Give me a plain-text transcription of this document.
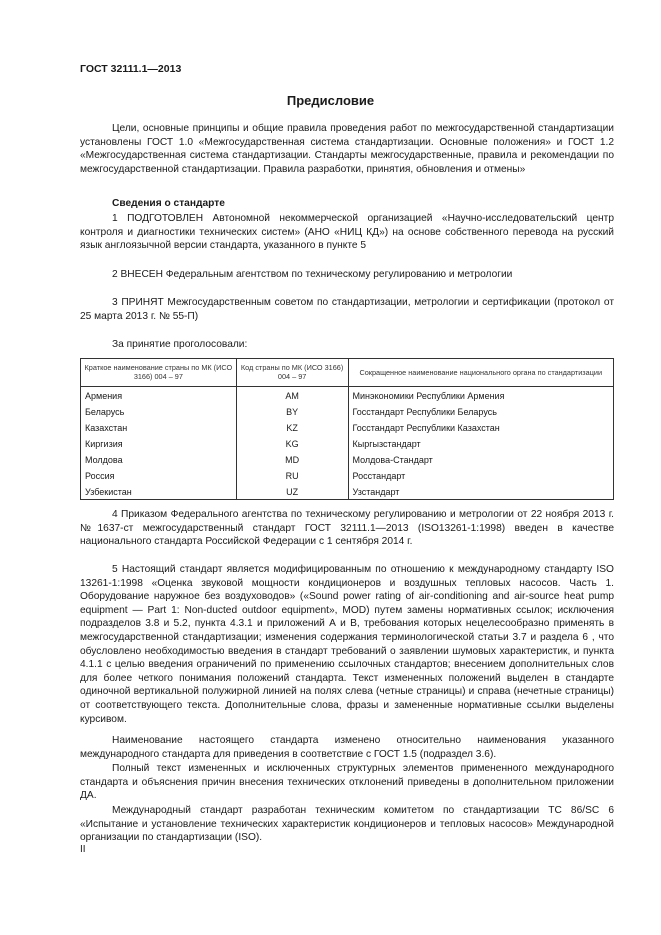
ГОСТ 32111.1—2013
Предисловие
Цели, основные принципы и общие правила проведения работ по межгосударственной стандартизации установлены ГОСТ 1.0 «Межгосударственная система стандартизации. Основные положения» и ГОСТ 1.2 «Межгосударственная система стандартизации. Стандарты межгосударственные, правила и рекомендации по межгосударственной стандартизации. Правила разработки, принятия, обновления и отмены»
Сведения о стандарте
1 ПОДГОТОВЛЕН Автономной некоммерческой организацией «Научно-исследовательский центр контроля и диагностики технических систем» (АНО «НИЦ КД») на основе собственного перевода на русский язык англоязычной версии стандарта, указанного в пункте 5
2 ВНЕСЕН Федеральным агентством по техническому регулированию и метрологии
3 ПРИНЯТ Межгосударственным советом по стандартизации, метрологии и сертификации (протокол от 25 марта 2013 г. № 55-П)
За принятие проголосовали:
Краткое наименование страны по МК (ИСО 3166) 004 – 97	Код страны по МК (ИСО 3166) 004 – 97	Сокращенное наименование национального органа по стандартизации
Армения	AM	Минэкономики Республики Армения
Беларусь	BY	Госстандарт Республики Беларусь
Казахстан	KZ	Госстандарт Республики Казахстан
Киргизия	KG	Кыргызстандарт
Молдова	MD	Молдова-Стандарт
Россия	RU	Росстандарт
Узбекистан	UZ	Узстандарт
4 Приказом Федерального агентства по техническому регулированию и метрологии от 22 ноября 2013 г. №1637-ст межгосударственный стандарт ГОСТ 32111.1—2013 (ISO13261-1:1998) введен в качестве национального стандарта Российской Федерации с 1 сентября 2014 г.
5 Настоящий стандарт является модифицированным по отношению к международному стандарту ISO 13261-1:1998 «Оценка звуковой мощности кондиционеров и воздушных тепловых насосов. Часть 1. Оборудование наружное без воздуховодов» («Sound power rating of air-conditioning and air-source heat pump equipment — Part 1: Non-ducted outdoor equipment», MOD) путем замены нормативных ссылок; исключения подразделов 3.8 и 5.2, пункта 4.3.1 и приложений А и В, требования которых нецелесообразно применять в межгосударственной стандартизации; изменения содержания терминологической статьи 3.7 и раздела 6 , что обусловлено необходимостью введения в стандарт требований о заявлении шумовых характеристик, и пункта 4.1.1 с целью введения ограничений по применению ссылочных стандартов; внесением дополнительных слов для более четкого понимания положений стандарта. Текст измененных положений выделен в стандарте одиночной вертикальной полужирной линией на полях слева (четные страницы) и справа (нечетные страницы) от соответствующего текста. Дополнительные слова, фразы и замененные нормативные ссылки выделены курсивом.
Наименование настоящего стандарта изменено относительно наименования указанного международного стандарта для приведения в соответствие с ГОСТ 1.5 (подраздел 3.6).
Полный текст измененных и исключенных структурных элементов примененного международного стандарта и объяснения причин внесения технических отклонений приведены в дополнительном приложении ДА.
Международный стандарт разработан техническим комитетом по стандартизации ТС 86/SC 6 «Испытание и установление технических характеристик кондиционеров и тепловых насосов» Международной организации по стандартизации (ISO).
II
